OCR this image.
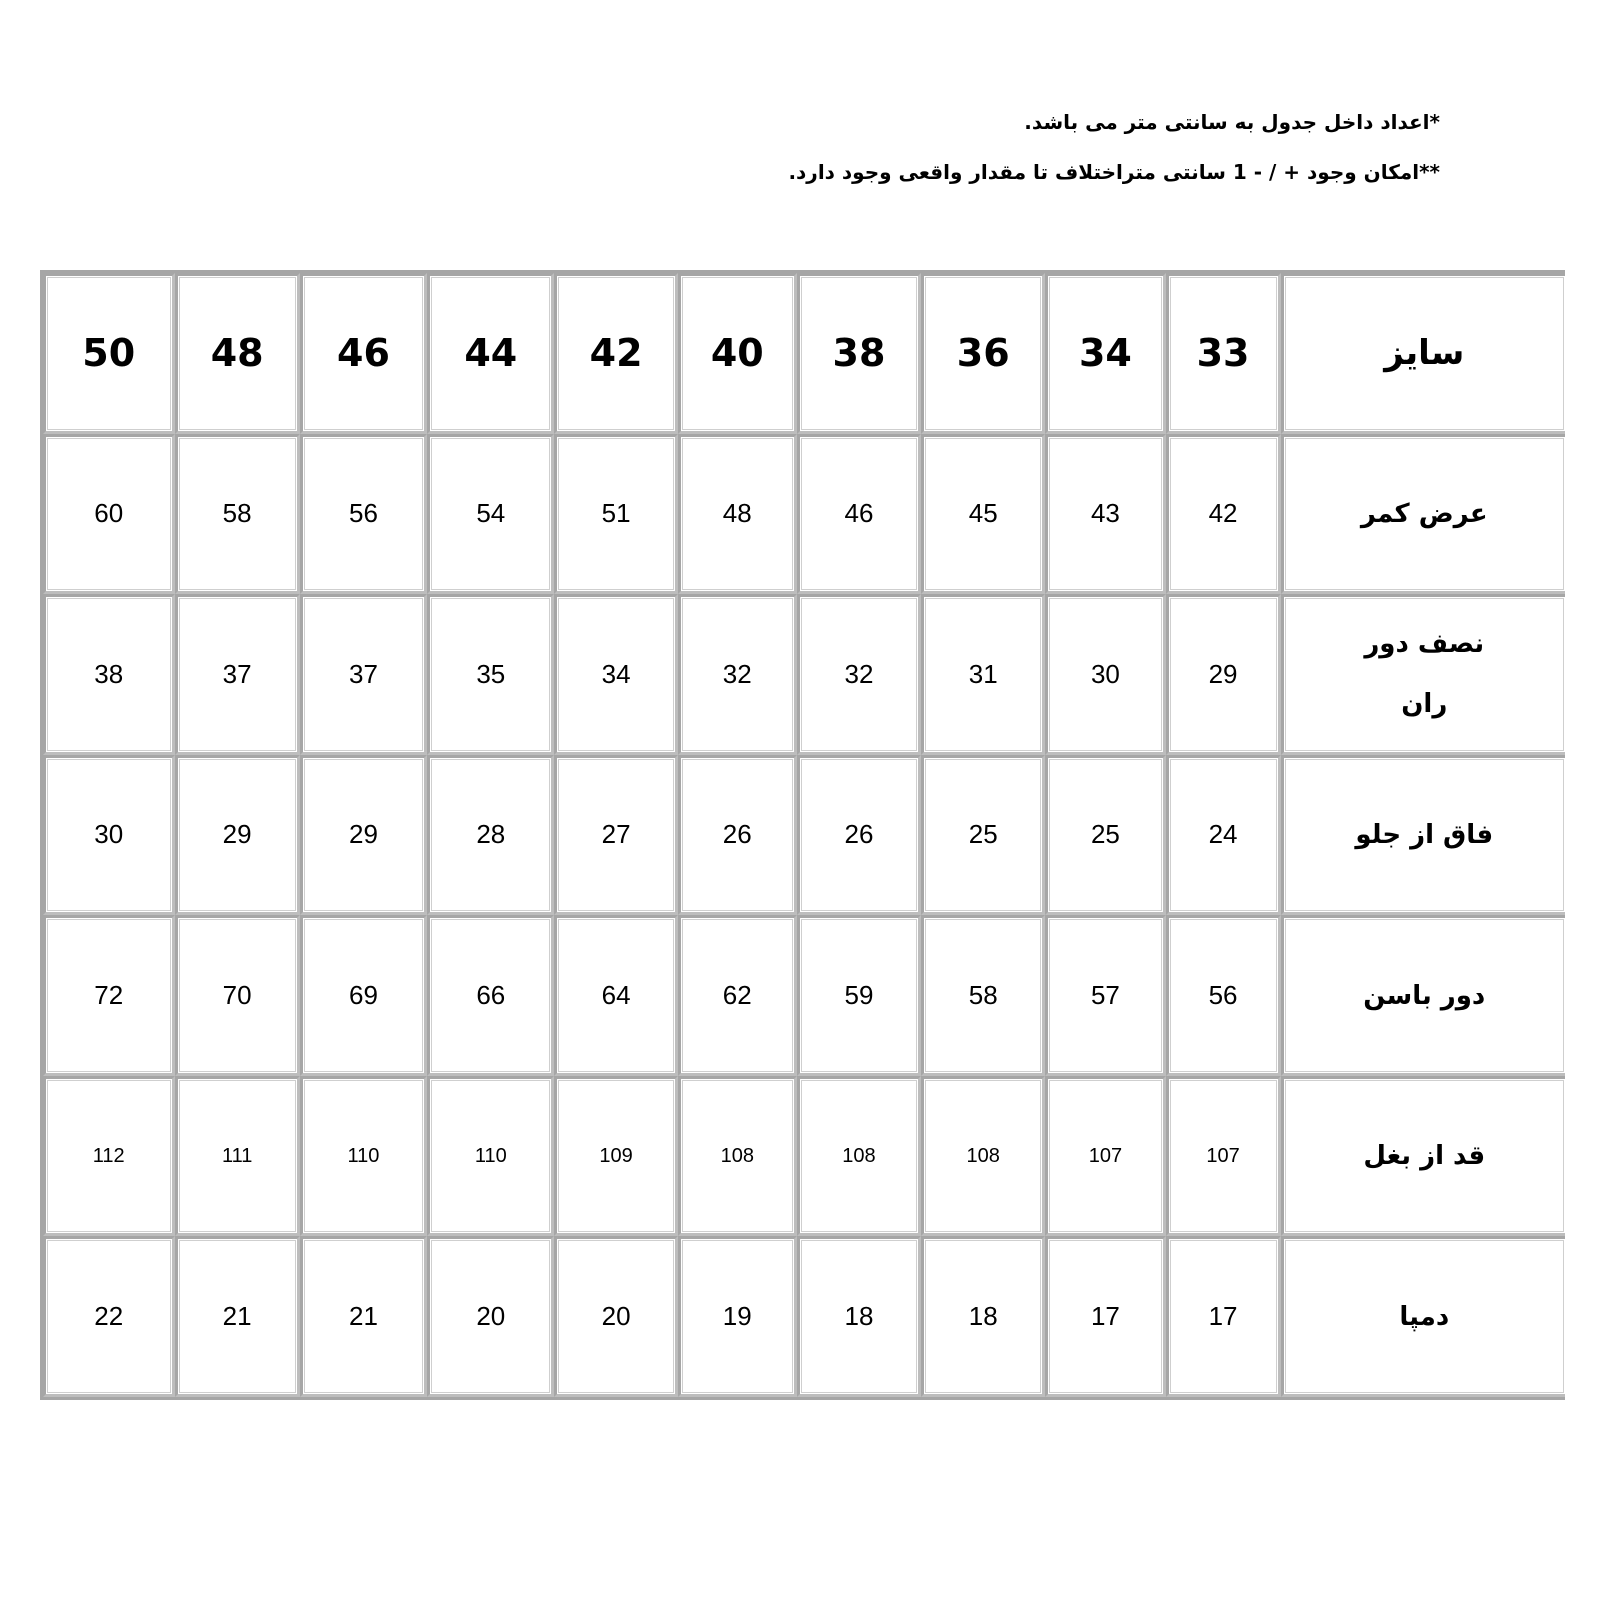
*اعداد داخل جدول به سانتی متر می باشد.
**امکان وجود + / - 1 سانتی متراختلاف تا مقدار واقعی وجود دارد.
سایز	33	34	36	38	40	42	44	46	48	50
عرض کمر	42	43	45	46	48	51	54	56	58	60
نصف دور ران	29	30	31	32	32	34	35	37	37	38
فاق از جلو	24	25	25	26	26	27	28	29	29	30
دور باسن	56	57	58	59	62	64	66	69	70	72
قد از بغل	107	107	108	108	108	109	110	110	111	112
دمپا	17	17	18	18	19	20	20	21	21	22
